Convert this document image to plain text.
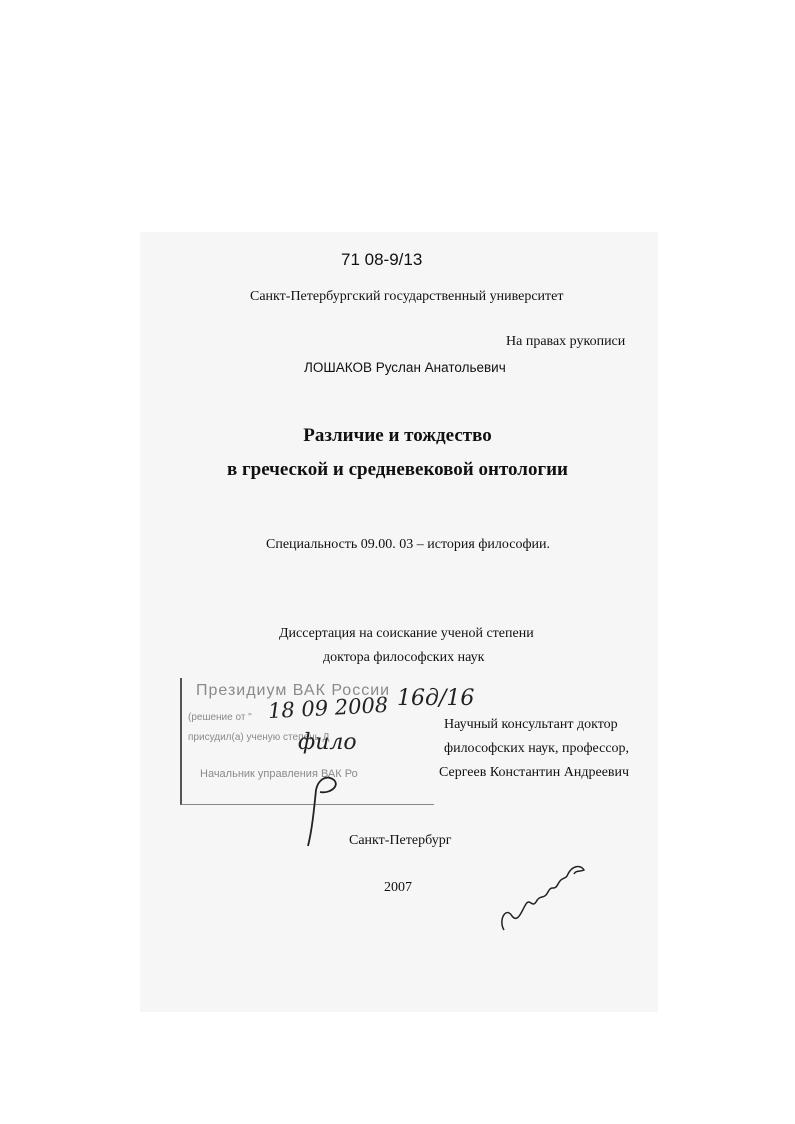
71 08-9/13
Санкт-Петербургский государственный университет
На правах рукописи
ЛОШАКОВ Руслан Анатольевич
Различие и тождество
в греческой и средневековой онтологии
Специальность 09.00. 03 – история философии.
Диссертация на соискание ученой степени
доктора философских наук
Научный консультант доктор
философских наук, профессор,
Сергеев Константин Андреевич
Санкт-Петербург
2007
Президиум ВАК России
(решение от "
присудил(а) ученую степень Д
Начальник управления ВАК Ро
18 09 2008 16д/16
фило
